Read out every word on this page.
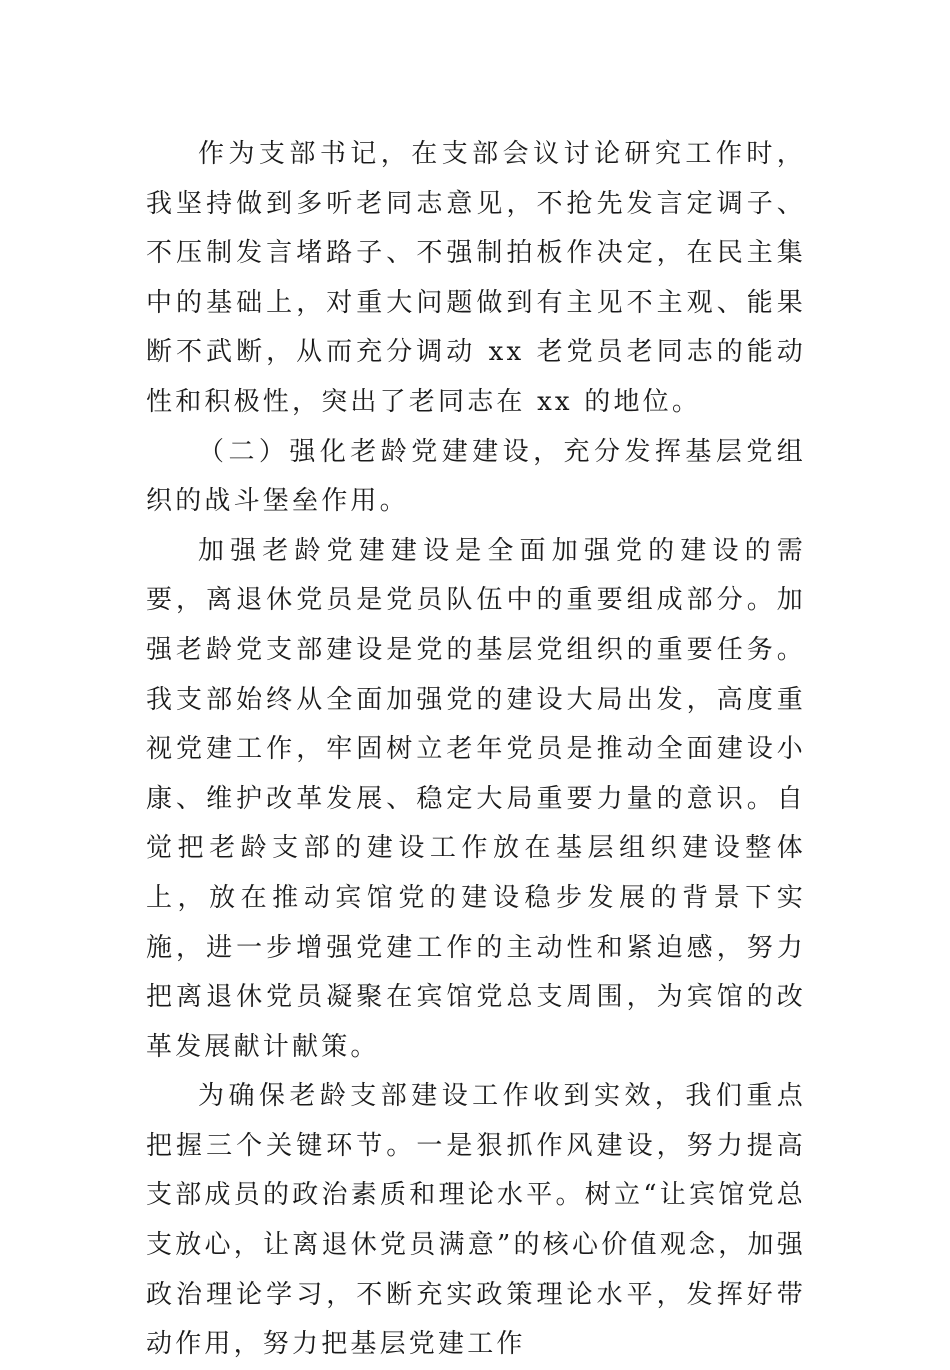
作为支部书记，在支部会议讨论研究工作时，我坚持做到多听老同志意见，不抢先发言定调子、不压制发言堵路子、不强制拍板作决定，在民主集中的基础上，对重大问题做到有主见不主观、能果断不武断，从而充分调动 xx 老党员老同志的能动性和积极性，突出了老同志在 xx 的地位。

（二）强化老龄党建建设，充分发挥基层党组织的战斗堡垒作用。

加强老龄党建建设是全面加强党的建设的需要，离退休党员是党员队伍中的重要组成部分。加强老龄党支部建设是党的基层党组织的重要任务。我支部始终从全面加强党的建设大局出发，高度重视党建工作，牢固树立老年党员是推动全面建设小康、维护改革发展、稳定大局重要力量的意识。自觉把老龄支部的建设工作放在基层组织建设整体上，放在推动宾馆党的建设稳步发展的背景下实施，进一步增强党建工作的主动性和紧迫感，努力把离退休党员凝聚在宾馆党总支周围，为宾馆的改革发展献计献策。

为确保老龄支部建设工作收到实效，我们重点把握三个关键环节。一是狠抓作风建设，努力提高支部成员的政治素质和理论水平。树立“让宾馆党总支放心，让离退休党员满意”的核心价值观念，加强政治理论学习，不断充实政策理论水平，发挥好带动作用，努力把基层党建工作
